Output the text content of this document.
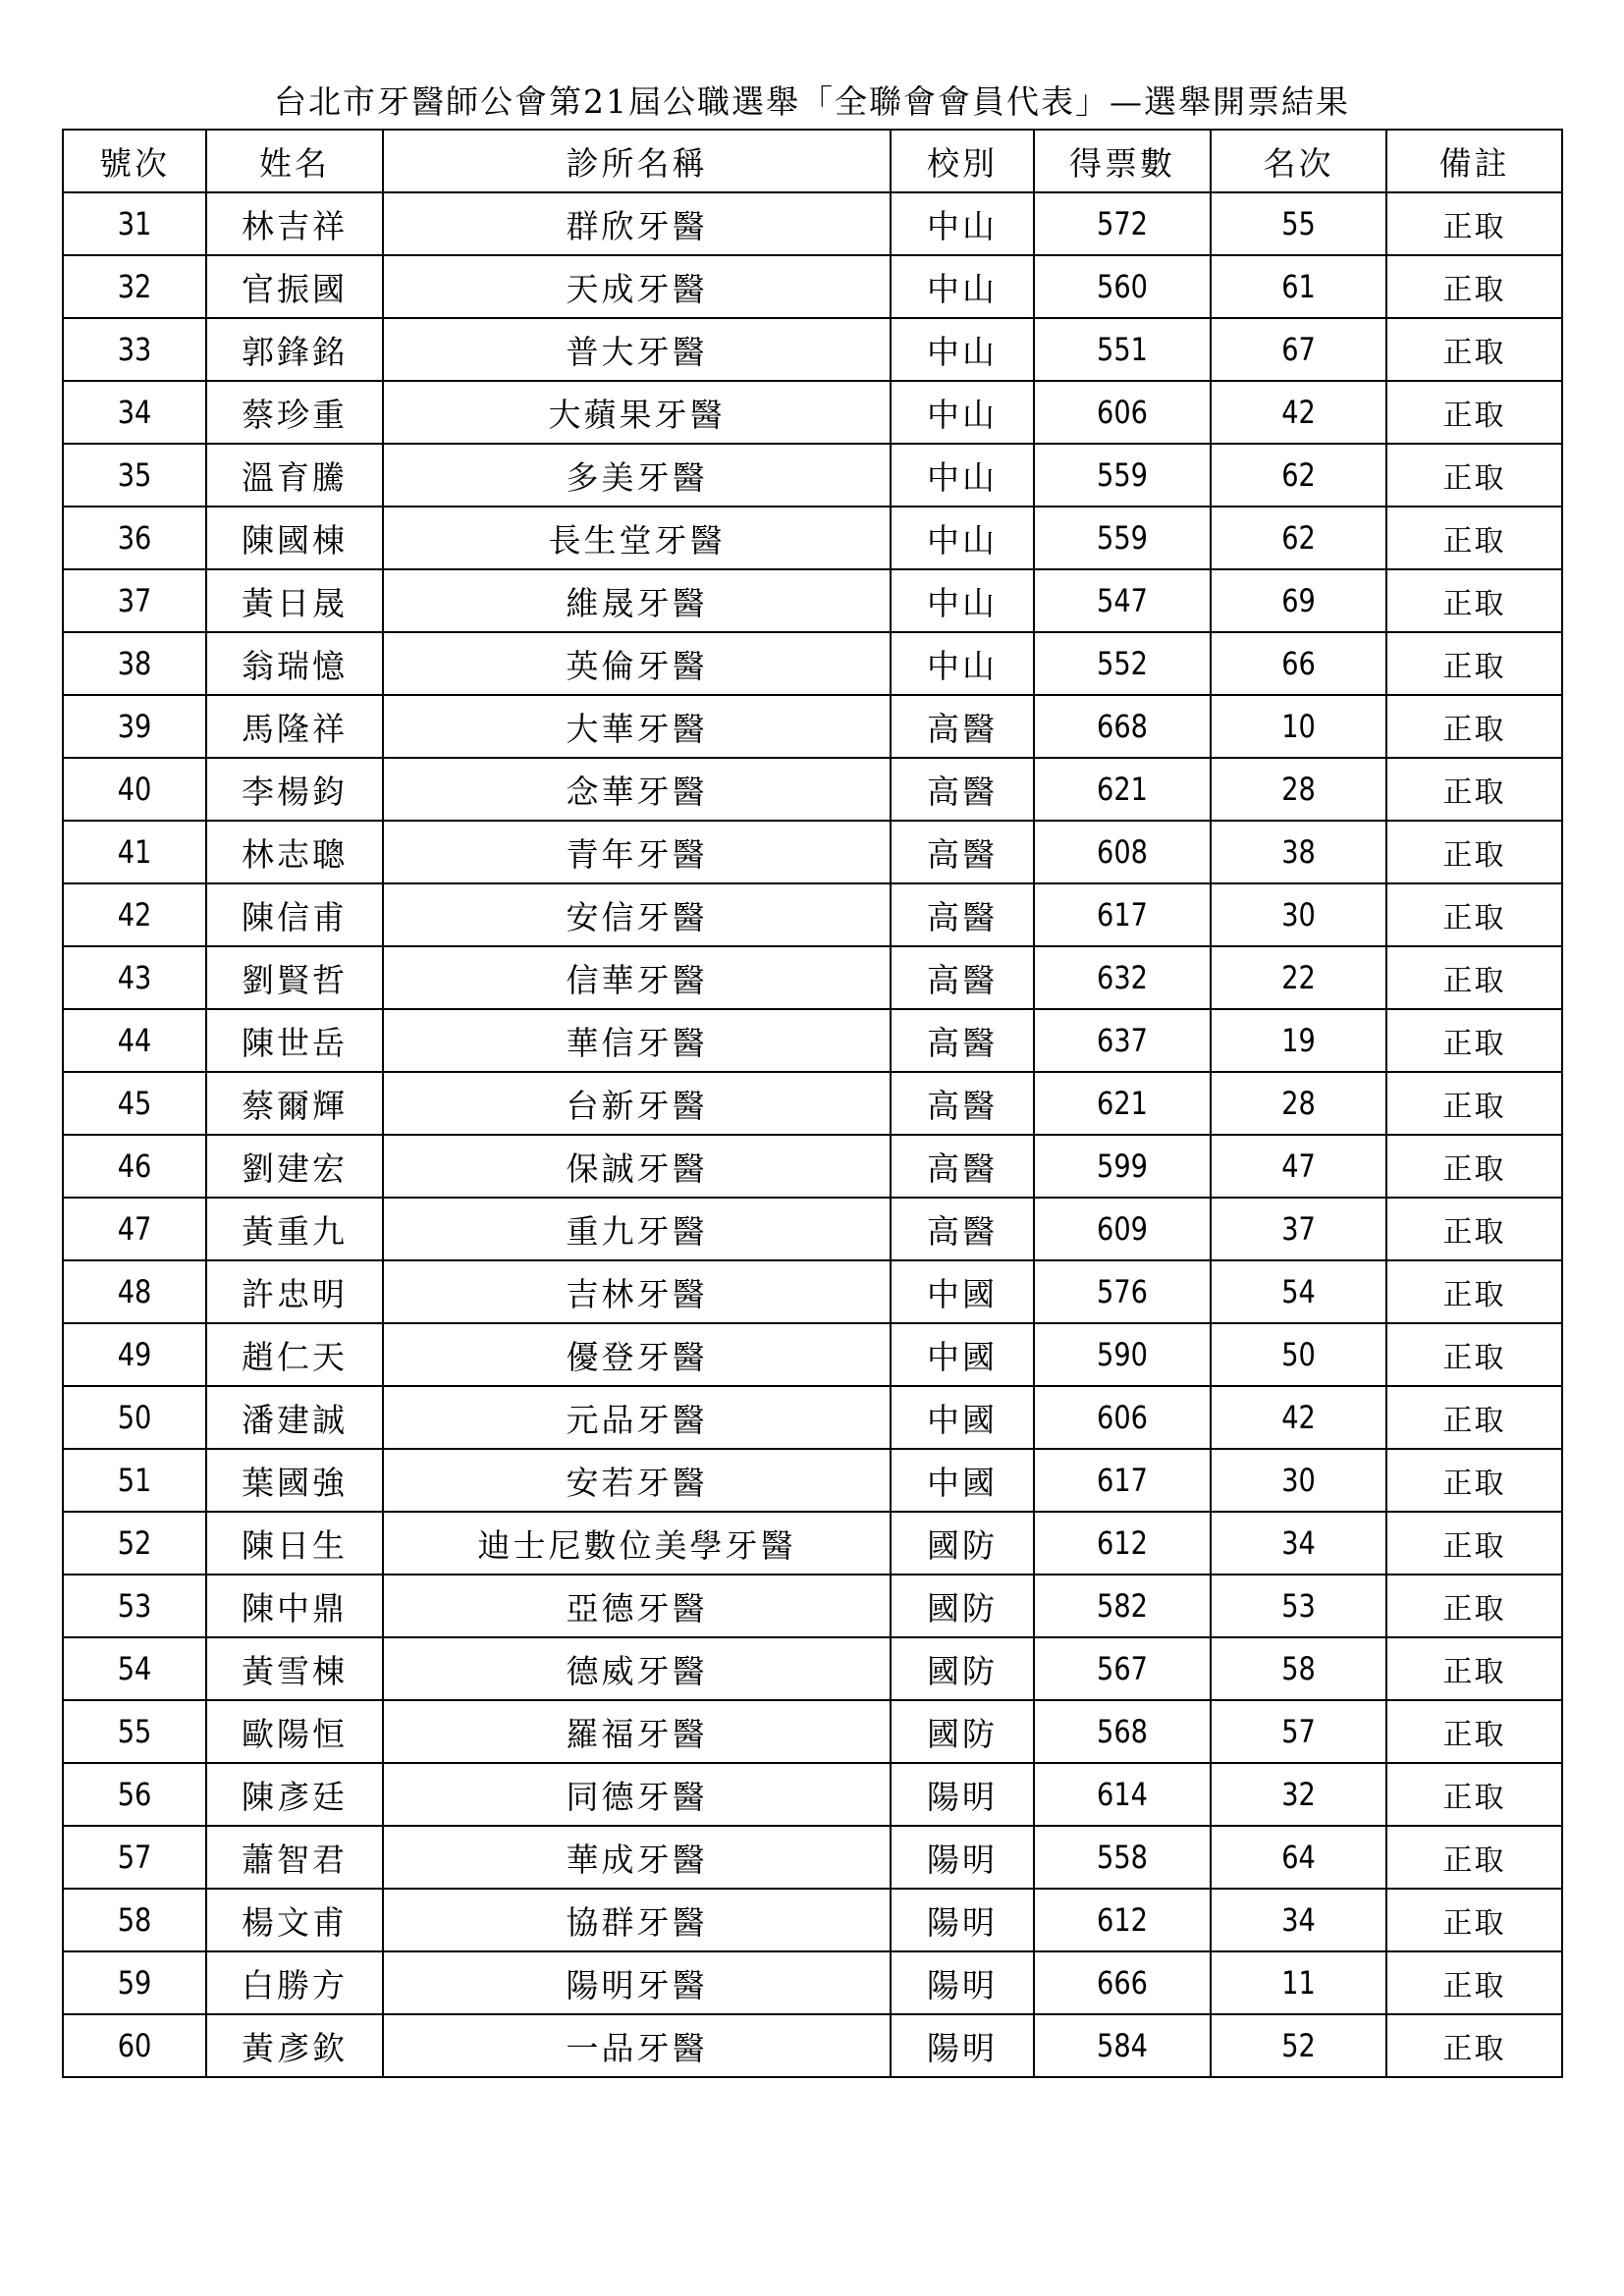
台北市牙醫師公會第21屆公職選舉「全聯會會員代表」—選舉開票結果
號次	姓名	診所名稱	校別	得票數	名次	備註
31	林吉祥	群欣牙醫	中山	572	55	正取
32	官振國	天成牙醫	中山	560	61	正取
33	郭鋒銘	普大牙醫	中山	551	67	正取
34	蔡珍重	大蘋果牙醫	中山	606	42	正取
35	溫育騰	多美牙醫	中山	559	62	正取
36	陳國棟	長生堂牙醫	中山	559	62	正取
37	黃日晟	維晟牙醫	中山	547	69	正取
38	翁瑞憶	英倫牙醫	中山	552	66	正取
39	馬隆祥	大華牙醫	高醫	668	10	正取
40	李楊鈞	念華牙醫	高醫	621	28	正取
41	林志聰	青年牙醫	高醫	608	38	正取
42	陳信甫	安信牙醫	高醫	617	30	正取
43	劉賢哲	信華牙醫	高醫	632	22	正取
44	陳世岳	華信牙醫	高醫	637	19	正取
45	蔡爾輝	台新牙醫	高醫	621	28	正取
46	劉建宏	保誠牙醫	高醫	599	47	正取
47	黃重九	重九牙醫	高醫	609	37	正取
48	許忠明	吉林牙醫	中國	576	54	正取
49	趙仁天	優登牙醫	中國	590	50	正取
50	潘建誠	元品牙醫	中國	606	42	正取
51	葉國強	安若牙醫	中國	617	30	正取
52	陳日生	迪士尼數位美學牙醫	國防	612	34	正取
53	陳中鼎	亞德牙醫	國防	582	53	正取
54	黃雪棟	德威牙醫	國防	567	58	正取
55	歐陽恒	羅福牙醫	國防	568	57	正取
56	陳彥廷	同德牙醫	陽明	614	32	正取
57	蕭智君	華成牙醫	陽明	558	64	正取
58	楊文甫	協群牙醫	陽明	612	34	正取
59	白勝方	陽明牙醫	陽明	666	11	正取
60	黃彥欽	一品牙醫	陽明	584	52	正取
